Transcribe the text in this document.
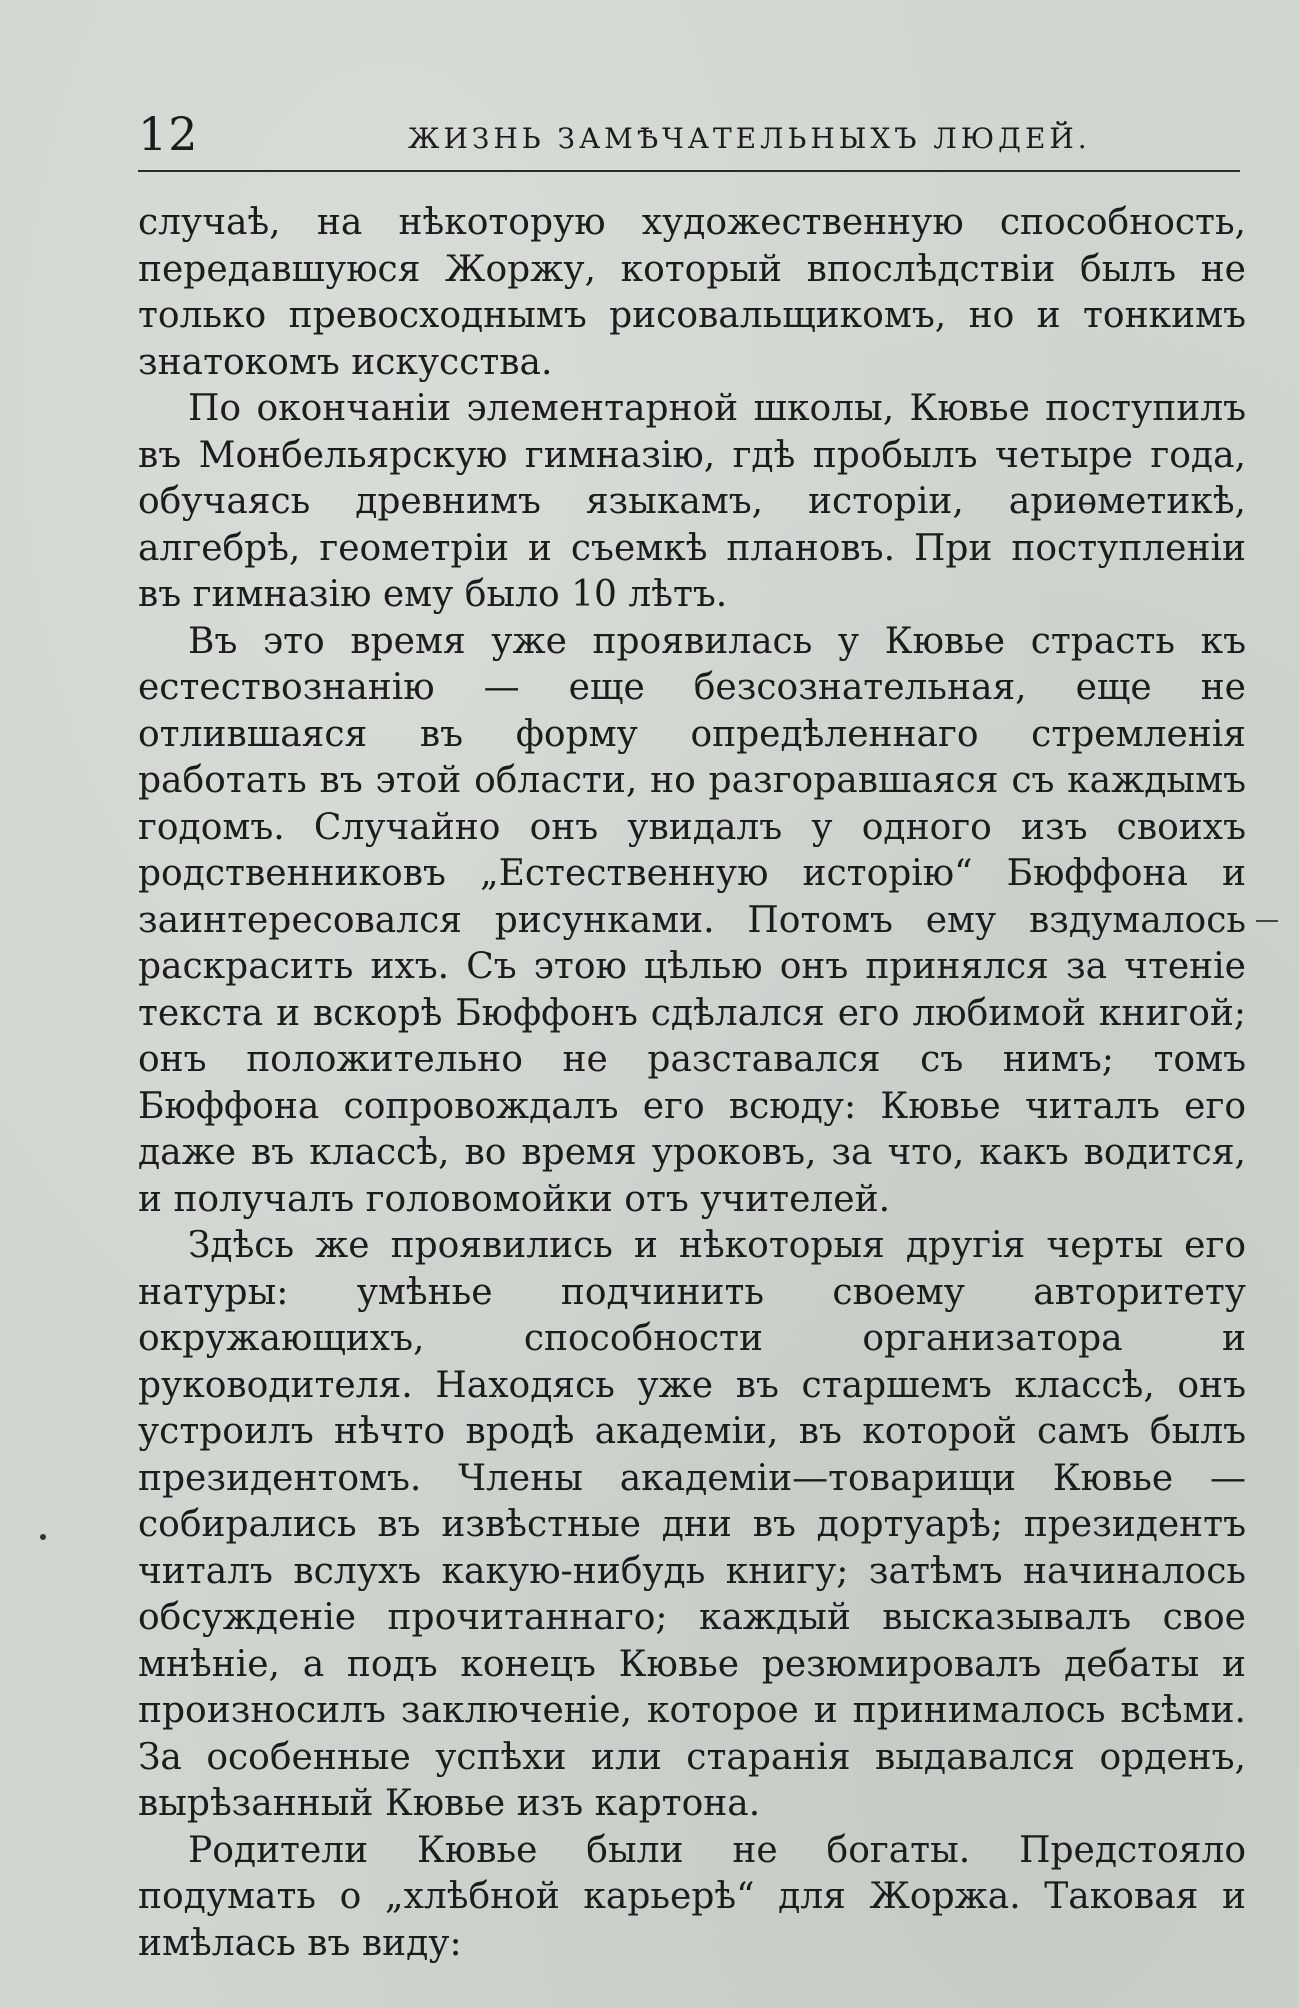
12	ЖИЗНЬ ЗАМѢЧАТЕЛЬНЫХЪ ЛЮДЕЙ.

случаѣ, на нѣкоторую художественную способность, передавшуюся Жоржу, который впослѣдствіи былъ не только превосходнымъ рисовальщикомъ, но и тонкимъ знатокомъ искусства.

По окончаніи элементарной школы, Кювье поступилъ въ Монбельярскую гимназію, гдѣ пробылъ четыре года, обучаясь древнимъ языкамъ, исторіи, ариѳметикѣ, алгебрѣ, геометріи и съемкѣ плановъ. При поступленіи въ гимназію ему было 10 лѣтъ.

Въ это время уже проявилась у Кювье страсть къ естествознанію — еще безсознательная, еще не отлившаяся въ форму опредѣленнаго стремленія работать въ этой области, но разгоравшаяся съ каждымъ годомъ. Случайно онъ увидалъ у одного изъ своихъ родственниковъ „Естественную исторію“ Бюффона и заинтересовался рисунками. Потомъ ему вздумалось раскрасить ихъ. Съ этою цѣлью онъ принялся за чтеніе текста и вскорѣ Бюффонъ сдѣлался его любимой книгой; онъ положительно не разставался съ нимъ; томъ Бюффона сопровождалъ его всюду: Кювье читалъ его даже въ классѣ, во время уроковъ, за что, какъ водится, и получалъ головомойки отъ учителей.

Здѣсь же проявились и нѣкоторыя другія черты его натуры: умѣнье подчинить своему авторитету окружающихъ, способности организатора и руководителя. Находясь уже въ старшемъ классѣ, онъ устроилъ нѣчто вродѣ академіи, въ которой самъ былъ президентомъ. Члены академіи—товарищи Кювье — собирались въ извѣстные дни въ дортуарѣ; президентъ читалъ вслухъ какую-нибудь книгу; затѣмъ начиналось обсужденіе прочитаннаго; каждый высказывалъ свое мнѣніе, а подъ конецъ Кювье резюмировалъ дебаты и произносилъ заключеніе, которое и принималось всѣми. За особенные успѣхи или старанія выдавался орденъ, вырѣзанный Кювье изъ картона.

Родители Кювье были не богаты. Предстояло подумать о „хлѣбной карьерѣ“ для Жоржа. Таковая и имѣлась въ виду:
